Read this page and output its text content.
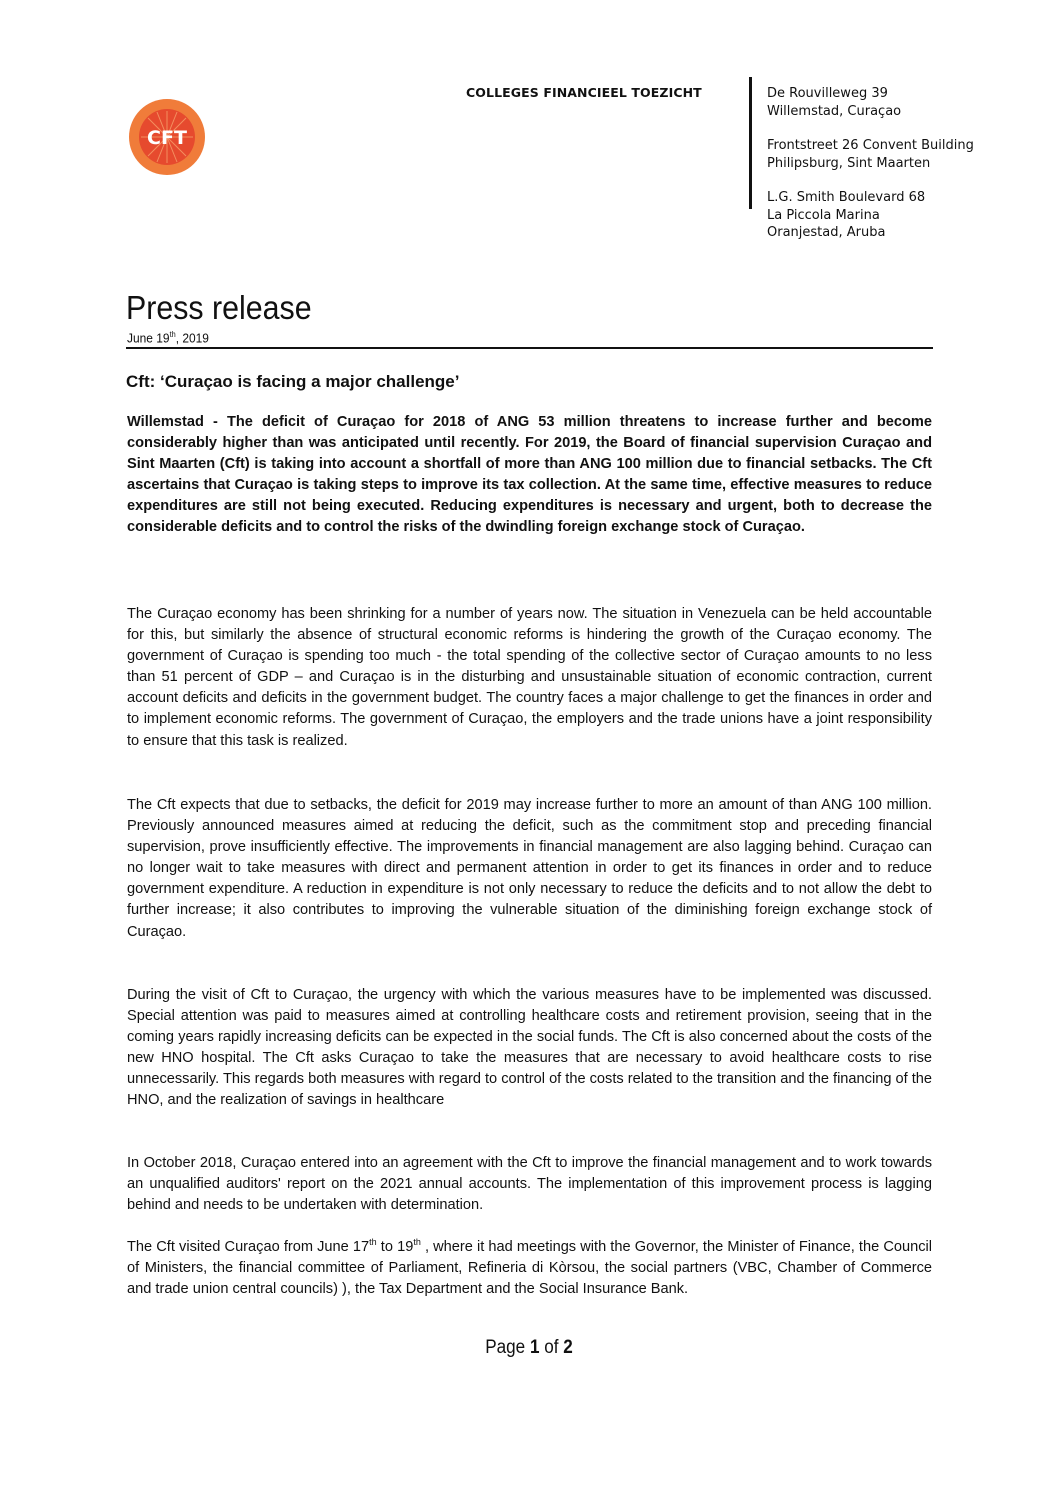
CFT
COLLEGES FINANCIEEL TOEZICHT	De Rouvilleweg 39
Willemstad, Curaçao
Frontstreet 26 Convent Building
Philipsburg, Sint Maarten
L.G. Smith Boulevard 68
La Piccola Marina
Oranjestad, Aruba
Press release
June 19th, 2019
Cft: ‘Curaçao is facing a major challenge’
Willemstad - The deficit of Curaçao for 2018 of ANG 53 million threatens to increase further and become considerably higher than was anticipated until recently. For 2019, the Board of financial supervision Curaçao and Sint Maarten (Cft) is taking into account a shortfall of more than ANG 100 million due to financial setbacks. The Cft ascertains that Curaçao is taking steps to improve its tax collection. At the same time, effective measures to reduce expenditures are still not being executed. Reducing expenditures is necessary and urgent, both to decrease the considerable deficits and to control the risks of the dwindling foreign exchange stock of Curaçao.
The Curaçao economy has been shrinking for a number of years now. The situation in Venezuela can be held accountable for this, but similarly the absence of structural economic reforms is hindering the growth of the Curaçao economy. The government of Curaçao is spending too much - the total spending of the collective sector of Curaçao amounts to no less than 51 percent of GDP – and Curaçao is in the disturbing and unsustainable situation of economic contraction, current account deficits and deficits in the government budget. The country faces a major challenge to get the finances in order and to implement economic reforms. The government of Curaçao, the employers and the trade unions have a joint responsibility to ensure that this task is realized.
The Cft expects that due to setbacks, the deficit for 2019 may increase further to more an amount of than ANG 100 million. Previously announced measures aimed at reducing the deficit, such as the commitment stop and preceding financial supervision, prove insufficiently effective. The improvements in financial management are also lagging behind. Curaçao can no longer wait to take measures with direct and permanent attention in order to get its finances in order and to reduce government expenditure. A reduction in expenditure is not only necessary to reduce the deficits and to not allow the debt to further increase; it also contributes to improving the vulnerable situation of the diminishing foreign exchange stock of Curaçao.
During the visit of Cft to Curaçao, the urgency with which the various measures have to be implemented was discussed. Special attention was paid to measures aimed at controlling healthcare costs and retirement provision, seeing that in the coming years rapidly increasing deficits can be expected in the social funds. The Cft is also concerned about the costs of the new HNO hospital. The Cft asks Curaçao to take the measures that are necessary to avoid healthcare costs to rise unnecessarily. This regards both measures with regard to control of the costs related to the transition and the financing of the HNO, and the realization of savings in healthcare
In October 2018, Curaçao entered into an agreement with the Cft to improve the financial management and to work towards an unqualified auditors' report on the 2021 annual accounts. The implementation of this improvement process is lagging behind and needs to be undertaken with determination.
The Cft visited Curaçao from June 17th to 19th , where it had meetings with the Governor, the Minister of Finance, the Council of Ministers, the financial committee of Parliament, Refineria di Kòrsou, the social partners (VBC, Chamber of Commerce and trade union central councils) ), the Tax Department and the Social Insurance Bank.
Page 1 of 2
